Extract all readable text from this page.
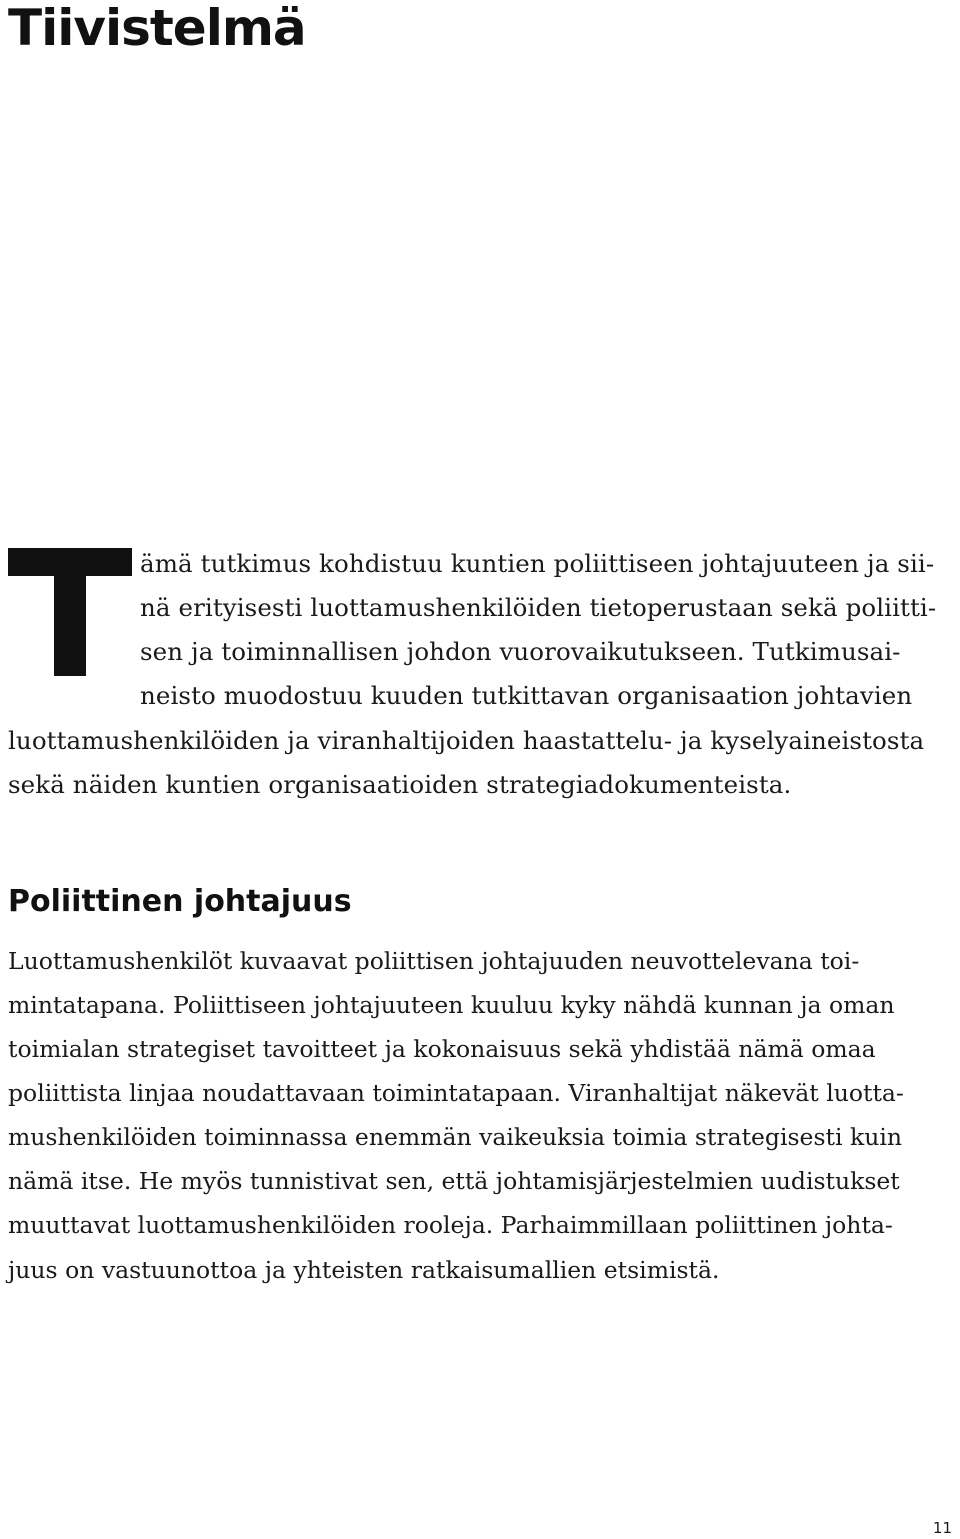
Tiivistelmä

ämä tutkimus kohdistuu kuntien poliittiseen johtajuuteen ja sii-

nä erityisesti luottamushenkilöiden tietoperustaan sekä poliitti-

sen ja toiminnallisen johdon vuorovaikutukseen. Tutkimusai-

neisto muodostuu kuuden tutkittavan organisaation johtavien

luottamushenkilöiden ja viranhaltijoiden haastattelu- ja kyselyaineistosta

sekä näiden kuntien organisaatioiden strategiadokumenteista.

Poliittinen johtajuus

Luottamushenkilöt kuvaavat poliittisen johtajuuden neuvottelevana toi-

mintatapana. Poliittiseen johtajuuteen kuuluu kyky nähdä kunnan ja oman

toimialan strategiset tavoitteet ja kokonaisuus sekä yhdistää nämä omaa

poliittista linjaa noudattavaan toimintatapaan. Viranhaltijat näkevät luotta-

mushenkilöiden toiminnassa enemmän vaikeuksia toimia strategisesti kuin

nämä itse. He myös tunnistivat sen, että johtamisjärjestelmien uudistukset

muuttavat luottamushenkilöiden rooleja. Parhaimmillaan poliittinen johta-

juus on vastuunottoa ja yhteisten ratkaisumallien etsimistä.

11
